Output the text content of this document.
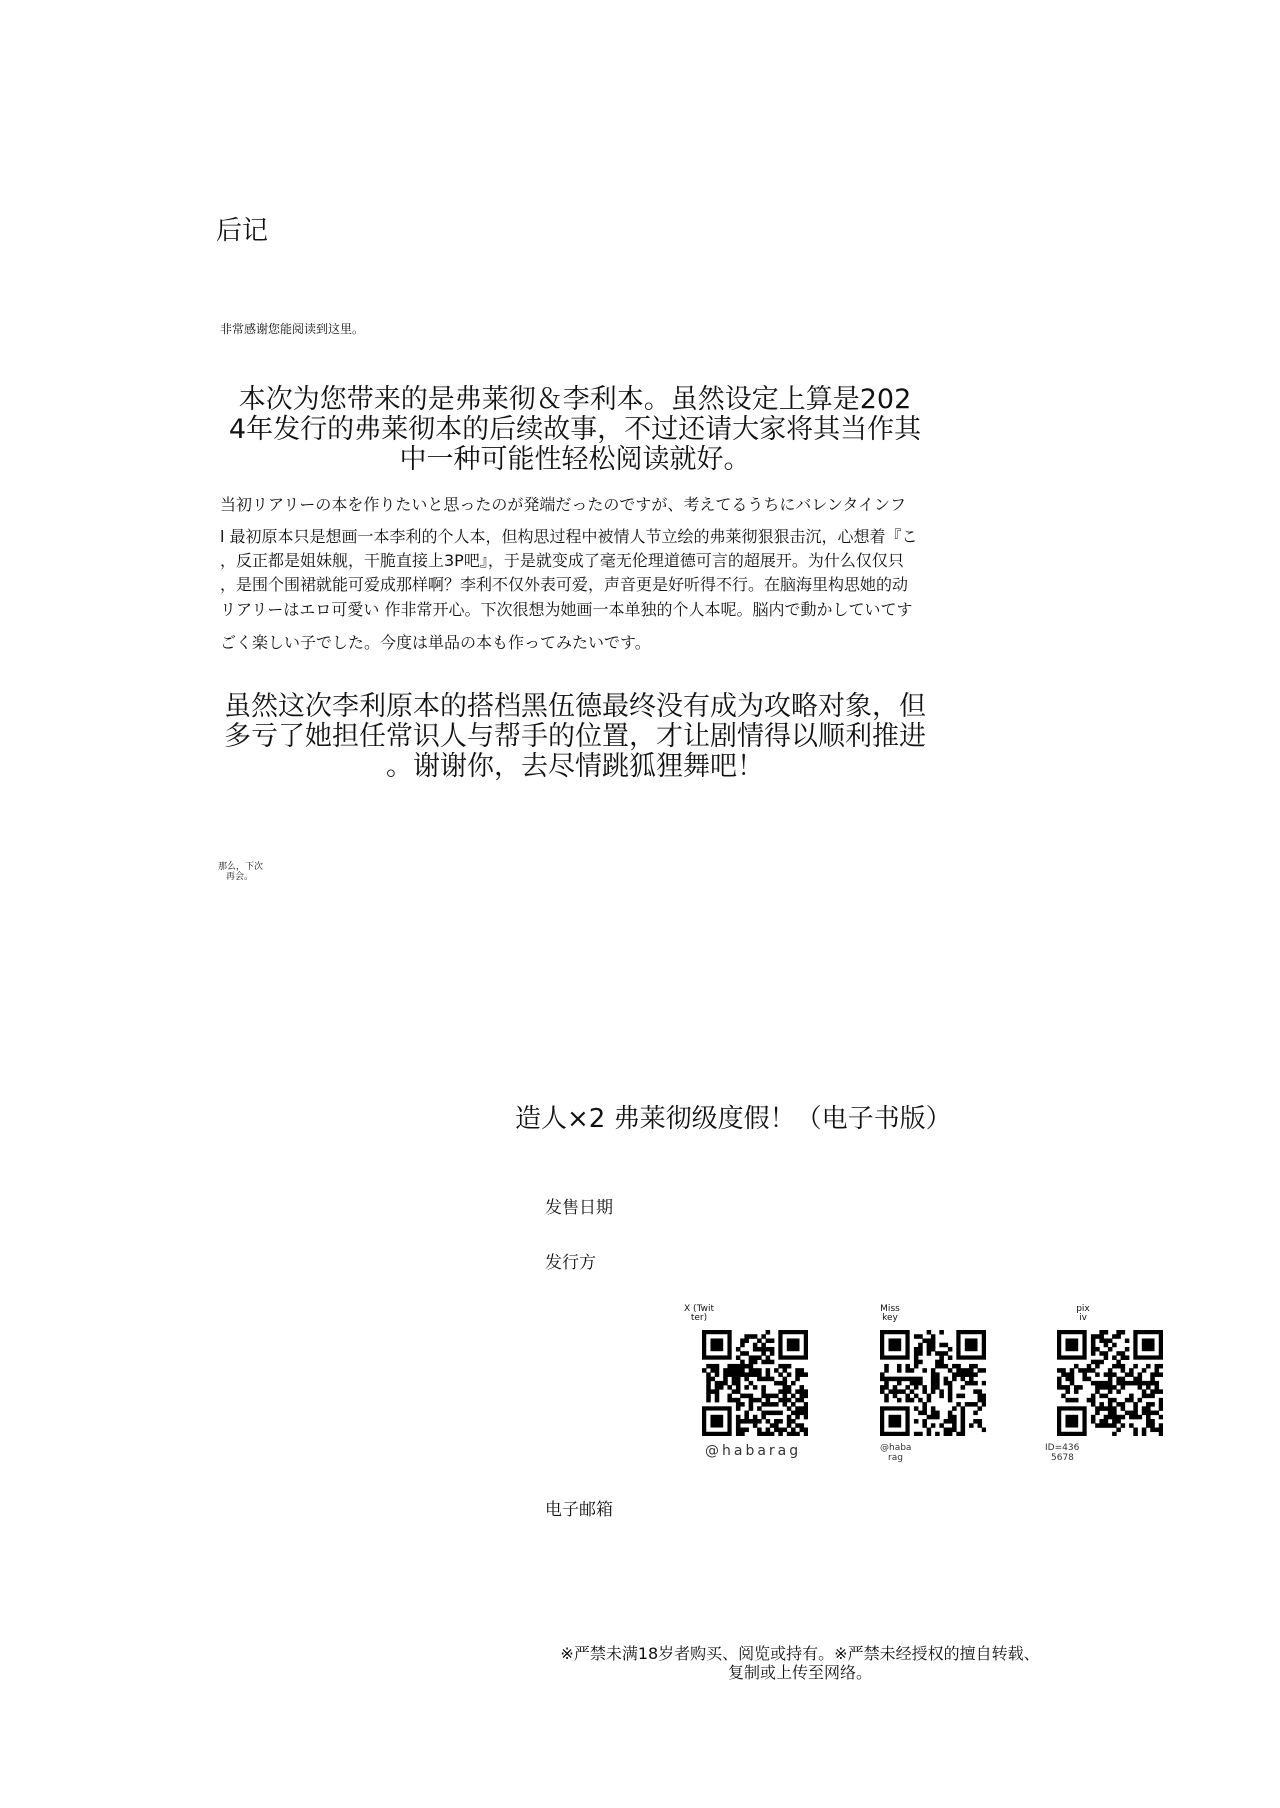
后记
非常感谢您能阅读到这里。
本次为您带来的是弗莱彻＆李利本。虽然设定上算是202
4年发行的弗莱彻本的后续故事，不过还请大家将其当作其
中一种可能性轻松阅读就好。
当初リアリーの本を作りたいと思ったのが発端だったのですが、考えてるうちにバレンタインフ
l 最初原本只是想画一本李利的个人本，但构思过程中被情人节立绘的弗莱彻狠狠击沉，心想着『こ
，反正都是姐妹舰，干脆直接上3P吧』，于是就变成了毫无伦理道德可言的超展开。为什么仅仅只
，是围个围裙就能可爱成那样啊？李利不仅外表可爱，声音更是好听得不行。在脑海里构思她的动
リアリーはエロ可愛い 作非常开心。下次很想为她画一本单独的个人本呢。脳内で動かしていてす
ごく楽しい子でした。今度は単品の本も作ってみたいです。
虽然这次李利原本的搭档黑伍德最终没有成为攻略对象，但
多亏了她担任常识人与帮手的位置，才让剧情得以顺利推进
。谢谢你，去尽情跳狐狸舞吧！
那么，下次
再会。
造人×2 弗莱彻级度假！（电子书版）
发售日期
发行方
电子邮箱
X (Twit
ter)
@habarag
Miss
key
@haba
rag
pix
iv
ID=436
5678
※严禁未满18岁者购买、阅览或持有。※严禁未经授权的擅自转载、
复制或上传至网络。
